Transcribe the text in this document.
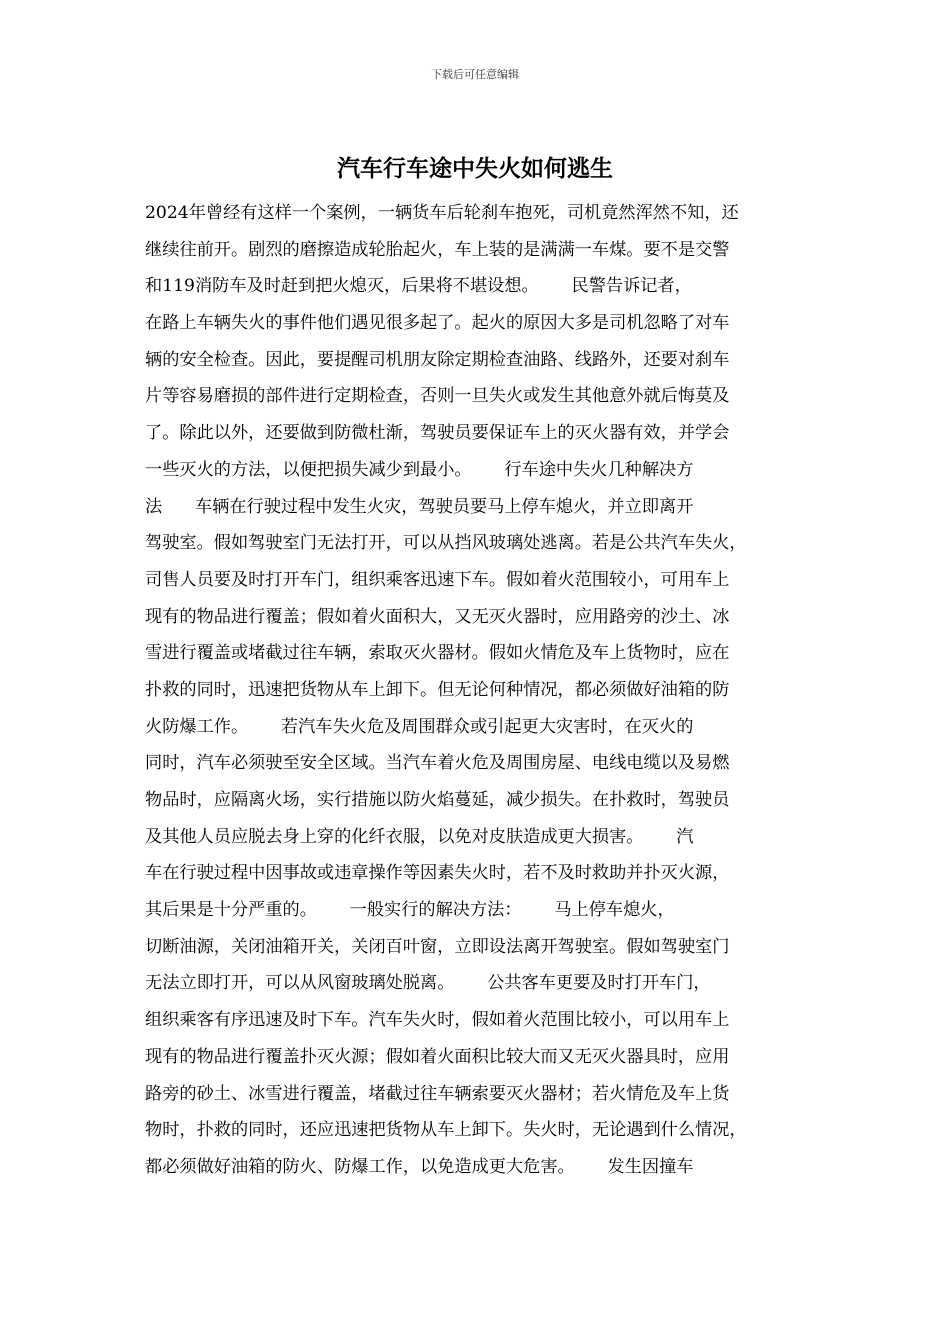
下载后可任意编辑
汽车行车途中失火如何逃生
2024年曾经有这样一个案例，一辆货车后轮刹车抱死，司机竟然浑然不知，还
继续往前开。剧烈的磨擦造成轮胎起火，车上装的是满满一车煤。要不是交警
和119消防车及时赶到把火熄灭，后果将不堪设想。      民警告诉记者，
在路上车辆失火的事件他们遇见很多起了。起火的原因大多是司机忽略了对车
辆的安全检查。因此，要提醒司机朋友除定期检查油路、线路外，还要对刹车
片等容易磨损的部件进行定期检查，否则一旦失火或发生其他意外就后悔莫及
了。除此以外，还要做到防微杜渐，驾驶员要保证车上的灭火器有效，并学会
一些灭火的方法，以便把损失减少到最小。      行车途中失火几种解决方
法      车辆在行驶过程中发生火灾，驾驶员要马上停车熄火，并立即离开
驾驶室。假如驾驶室门无法打开，可以从挡风玻璃处逃离。若是公共汽车失火，
司售人员要及时打开车门，组织乘客迅速下车。假如着火范围较小，可用车上
现有的物品进行覆盖；假如着火面积大，又无灭火器时，应用路旁的沙土、冰
雪进行覆盖或堵截过往车辆，索取灭火器材。假如火情危及车上货物时，应在
扑救的同时，迅速把货物从车上卸下。但无论何种情况，都必须做好油箱的防
火防爆工作。      若汽车失火危及周围群众或引起更大灾害时，在灭火的
同时，汽车必须驶至安全区域。当汽车着火危及周围房屋、电线电缆以及易燃
物品时，应隔离火场，实行措施以防火焰蔓延，减少损失。在扑救时，驾驶员
及其他人员应脱去身上穿的化纤衣服，以免对皮肤造成更大损害。      汽
车在行驶过程中因事故或违章操作等因素失火时，若不及时救助并扑灭火源，
其后果是十分严重的。      一般实行的解决方法：      马上停车熄火，
切断油源，关闭油箱开关，关闭百叶窗，立即设法离开驾驶室。假如驾驶室门
无法立即打开，可以从风窗玻璃处脱离。      公共客车更要及时打开车门，
组织乘客有序迅速及时下车。汽车失火时，假如着火范围比较小，可以用车上
现有的物品进行覆盖扑灭火源；假如着火面积比较大而又无灭火器具时，应用
路旁的砂土、冰雪进行覆盖，堵截过往车辆索要灭火器材；若火情危及车上货
物时，扑救的同时，还应迅速把货物从车上卸下。失火时，无论遇到什么情况，
都必须做好油箱的防火、防爆工作，以免造成更大危害。      发生因撞车
